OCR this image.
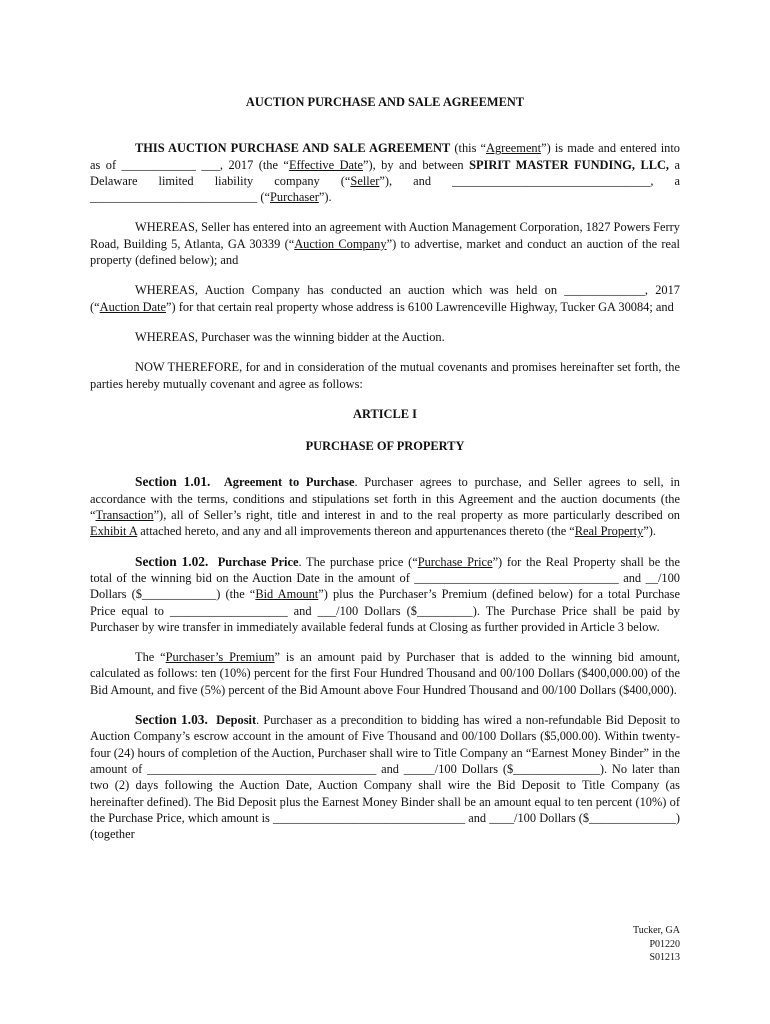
AUCTION PURCHASE AND SALE AGREEMENT

THIS AUCTION PURCHASE AND SALE AGREEMENT (this “Agreement”) is made and entered into as of ____________ ___, 2017 (the “Effective Date”), by and between SPIRIT MASTER FUNDING, LLC, a Delaware limited liability company (“Seller”), and ________________________________, a ___________________________ (“Purchaser”).

WHEREAS, Seller has entered into an agreement with Auction Management Corporation, 1827 Powers Ferry Road, Building 5, Atlanta, GA 30339 (“Auction Company”) to advertise, market and conduct an auction of the real property (defined below); and

WHEREAS, Auction Company has conducted an auction which was held on _____________, 2017 (“Auction Date”) for that certain real property whose address is 6100 Lawrenceville Highway, Tucker GA 30084; and

WHEREAS, Purchaser was the winning bidder at the Auction.

NOW THEREFORE, for and in consideration of the mutual covenants and promises hereinafter set forth, the parties hereby mutually covenant and agree as follows:

ARTICLE I
PURCHASE OF PROPERTY

Section 1.01. Agreement to Purchase. Purchaser agrees to purchase, and Seller agrees to sell, in accordance with the terms, conditions and stipulations set forth in this Agreement and the auction documents (the “Transaction”), all of Seller’s right, title and interest in and to the real property as more particularly described on Exhibit A attached hereto, and any and all improvements thereon and appurtenances thereto (the “Real Property”).

Section 1.02. Purchase Price. The purchase price (“Purchase Price”) for the Real Property shall be the total of the winning bid on the Auction Date in the amount of _________________________________ and __/100 Dollars ($____________) (the “Bid Amount”) plus the Purchaser’s Premium (defined below) for a total Purchase Price equal to ___________________ and ___/100 Dollars ($_________). The Purchase Price shall be paid by Purchaser by wire transfer in immediately available federal funds at Closing as further provided in Article 3 below.

The “Purchaser’s Premium” is an amount paid by Purchaser that is added to the winning bid amount, calculated as follows: ten (10%) percent for the first Four Hundred Thousand and 00/100 Dollars ($400,000.00) of the Bid Amount, and five (5%) percent of the Bid Amount above Four Hundred Thousand and 00/100 Dollars ($400,000).

Section 1.03. Deposit. Purchaser as a precondition to bidding has wired a non-refundable Bid Deposit to Auction Company’s escrow account in the amount of Five Thousand and 00/100 Dollars ($5,000.00). Within twenty-four (24) hours of completion of the Auction, Purchaser shall wire to Title Company an “Earnest Money Binder” in the amount of _____________________________________ and _____/100 Dollars ($______________). No later than two (2) days following the Auction Date, Auction Company shall wire the Bid Deposit to Title Company (as hereinafter defined). The Bid Deposit plus the Earnest Money Binder shall be an amount equal to ten percent (10%) of the Purchase Price, which amount is _______________________________ and ____/100 Dollars ($______________) (together

Tucker, GA
P01220
S01213
